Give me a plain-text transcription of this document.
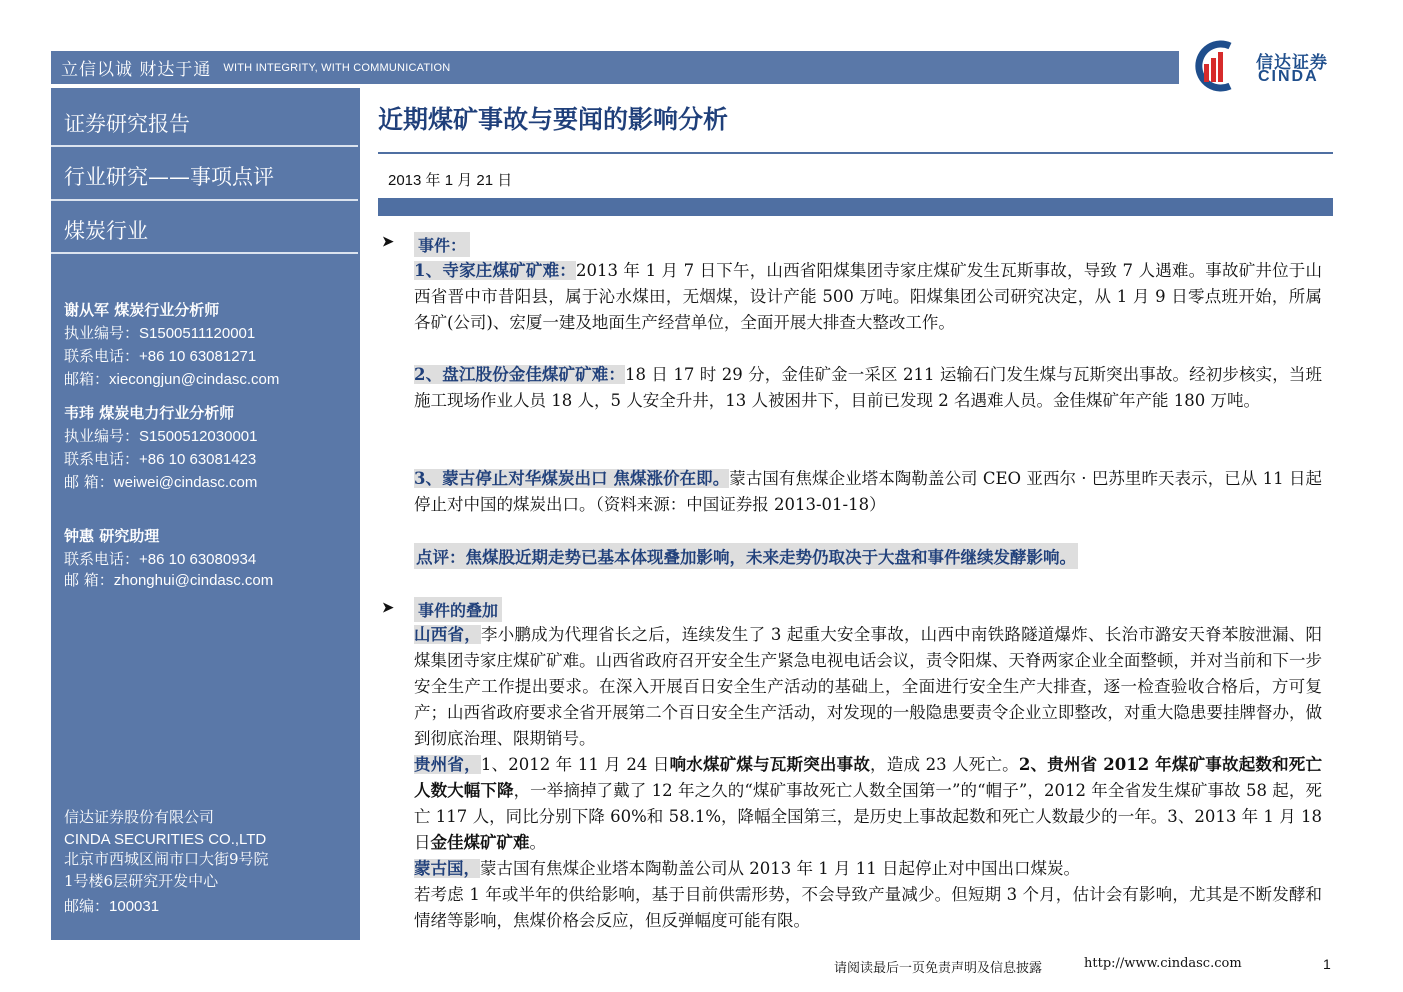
立信以诚 财达于通 WITH INTEGRITY, WITH COMMUNICATION	信达证券
CINDA
证券研究报告
行业研究——事项点评
煤炭行业
谢从军 煤炭行业分析师
执业编号：S1500511120001
联系电话：+86 10 63081271
邮箱：xiecongjun@cindasc.com
韦玮 煤炭电力行业分析师
执业编号：S1500512030001
联系电话：+86 10 63081423
邮 箱：weiwei@cindasc.com
钟惠 研究助理
联系电话：+86 10 63080934
邮 箱：zhonghui@cindasc.com
信达证券股份有限公司
CINDA SECURITIES CO.,LTD
北京市西城区闹市口大街9号院
1号楼6层研究开发中心
邮编：100031
近期煤矿事故与要闻的影响分析
2013 年 1 月 21 日
➤ 事件：
1、寺家庄煤矿矿难：2013 年 1 月 7 日下午，山西省阳煤集团寺家庄煤矿发生瓦斯事故，导致 7 人遇难。事故矿井位于山西省晋中市昔阳县，属于沁水煤田，无烟煤，设计产能 500 万吨。阳煤集团公司研究决定，从 1 月 9 日零点班开始，所属各矿(公司)、宏厦一建及地面生产经营单位，全面开展大排查大整改工作。
2、盘江股份金佳煤矿矿难：18 日 17 时 29 分，金佳矿金一采区 211 运输石门发生煤与瓦斯突出事故。经初步核实，当班施工现场作业人员 18 人，5 人安全升井，13 人被困井下，目前已发现 2 名遇难人员。金佳煤矿年产能 180 万吨。
3、蒙古停止对华煤炭出口 焦煤涨价在即。蒙古国有焦煤企业塔本陶勒盖公司 CEO 亚西尔 · 巴苏里昨天表示，已从 11 日起停止对中国的煤炭出口。（资料来源：中国证券报 2013-01-18）
点评：焦煤股近期走势已基本体现叠加影响，未来走势仍取决于大盘和事件继续发酵影响。
➤ 事件的叠加
山西省，李小鹏成为代理省长之后，连续发生了 3 起重大安全事故，山西中南铁路隧道爆炸、长治市潞安天脊苯胺泄漏、阳煤集团寺家庄煤矿矿难。山西省政府召开安全生产紧急电视电话会议，责令阳煤、天脊两家企业全面整顿，并对当前和下一步安全生产工作提出要求。在深入开展百日安全生产活动的基础上，全面进行安全生产大排查，逐一检查验收合格后，方可复产；山西省政府要求全省开展第二个百日安全生产活动，对发现的一般隐患要责令企业立即整改，对重大隐患要挂牌督办，做到彻底治理、限期销号。
贵州省，1、2012 年 11 月 24 日响水煤矿煤与瓦斯突出事故，造成 23 人死亡。2、贵州省 2012 年煤矿事故起数和死亡人数大幅下降，一举摘掉了戴了 12 年之久的“煤矿事故死亡人数全国第一”的“帽子”，2012 年全省发生煤矿事故 58 起，死亡 117 人，同比分别下降 60%和 58.1%，降幅全国第三，是历史上事故起数和死亡人数最少的一年。3、2013 年 1 月 18 日金佳煤矿矿难。
蒙古国，蒙古国有焦煤企业塔本陶勒盖公司从 2013 年 1 月 11 日起停止对中国出口煤炭。
若考虑 1 年或半年的供给影响，基于目前供需形势，不会导致产量减少。但短期 3 个月，估计会有影响，尤其是不断发酵和情绪等影响，焦煤价格会反应，但反弹幅度可能有限。
请阅读最后一页免责声明及信息披露	http://www.cindasc.com	1
